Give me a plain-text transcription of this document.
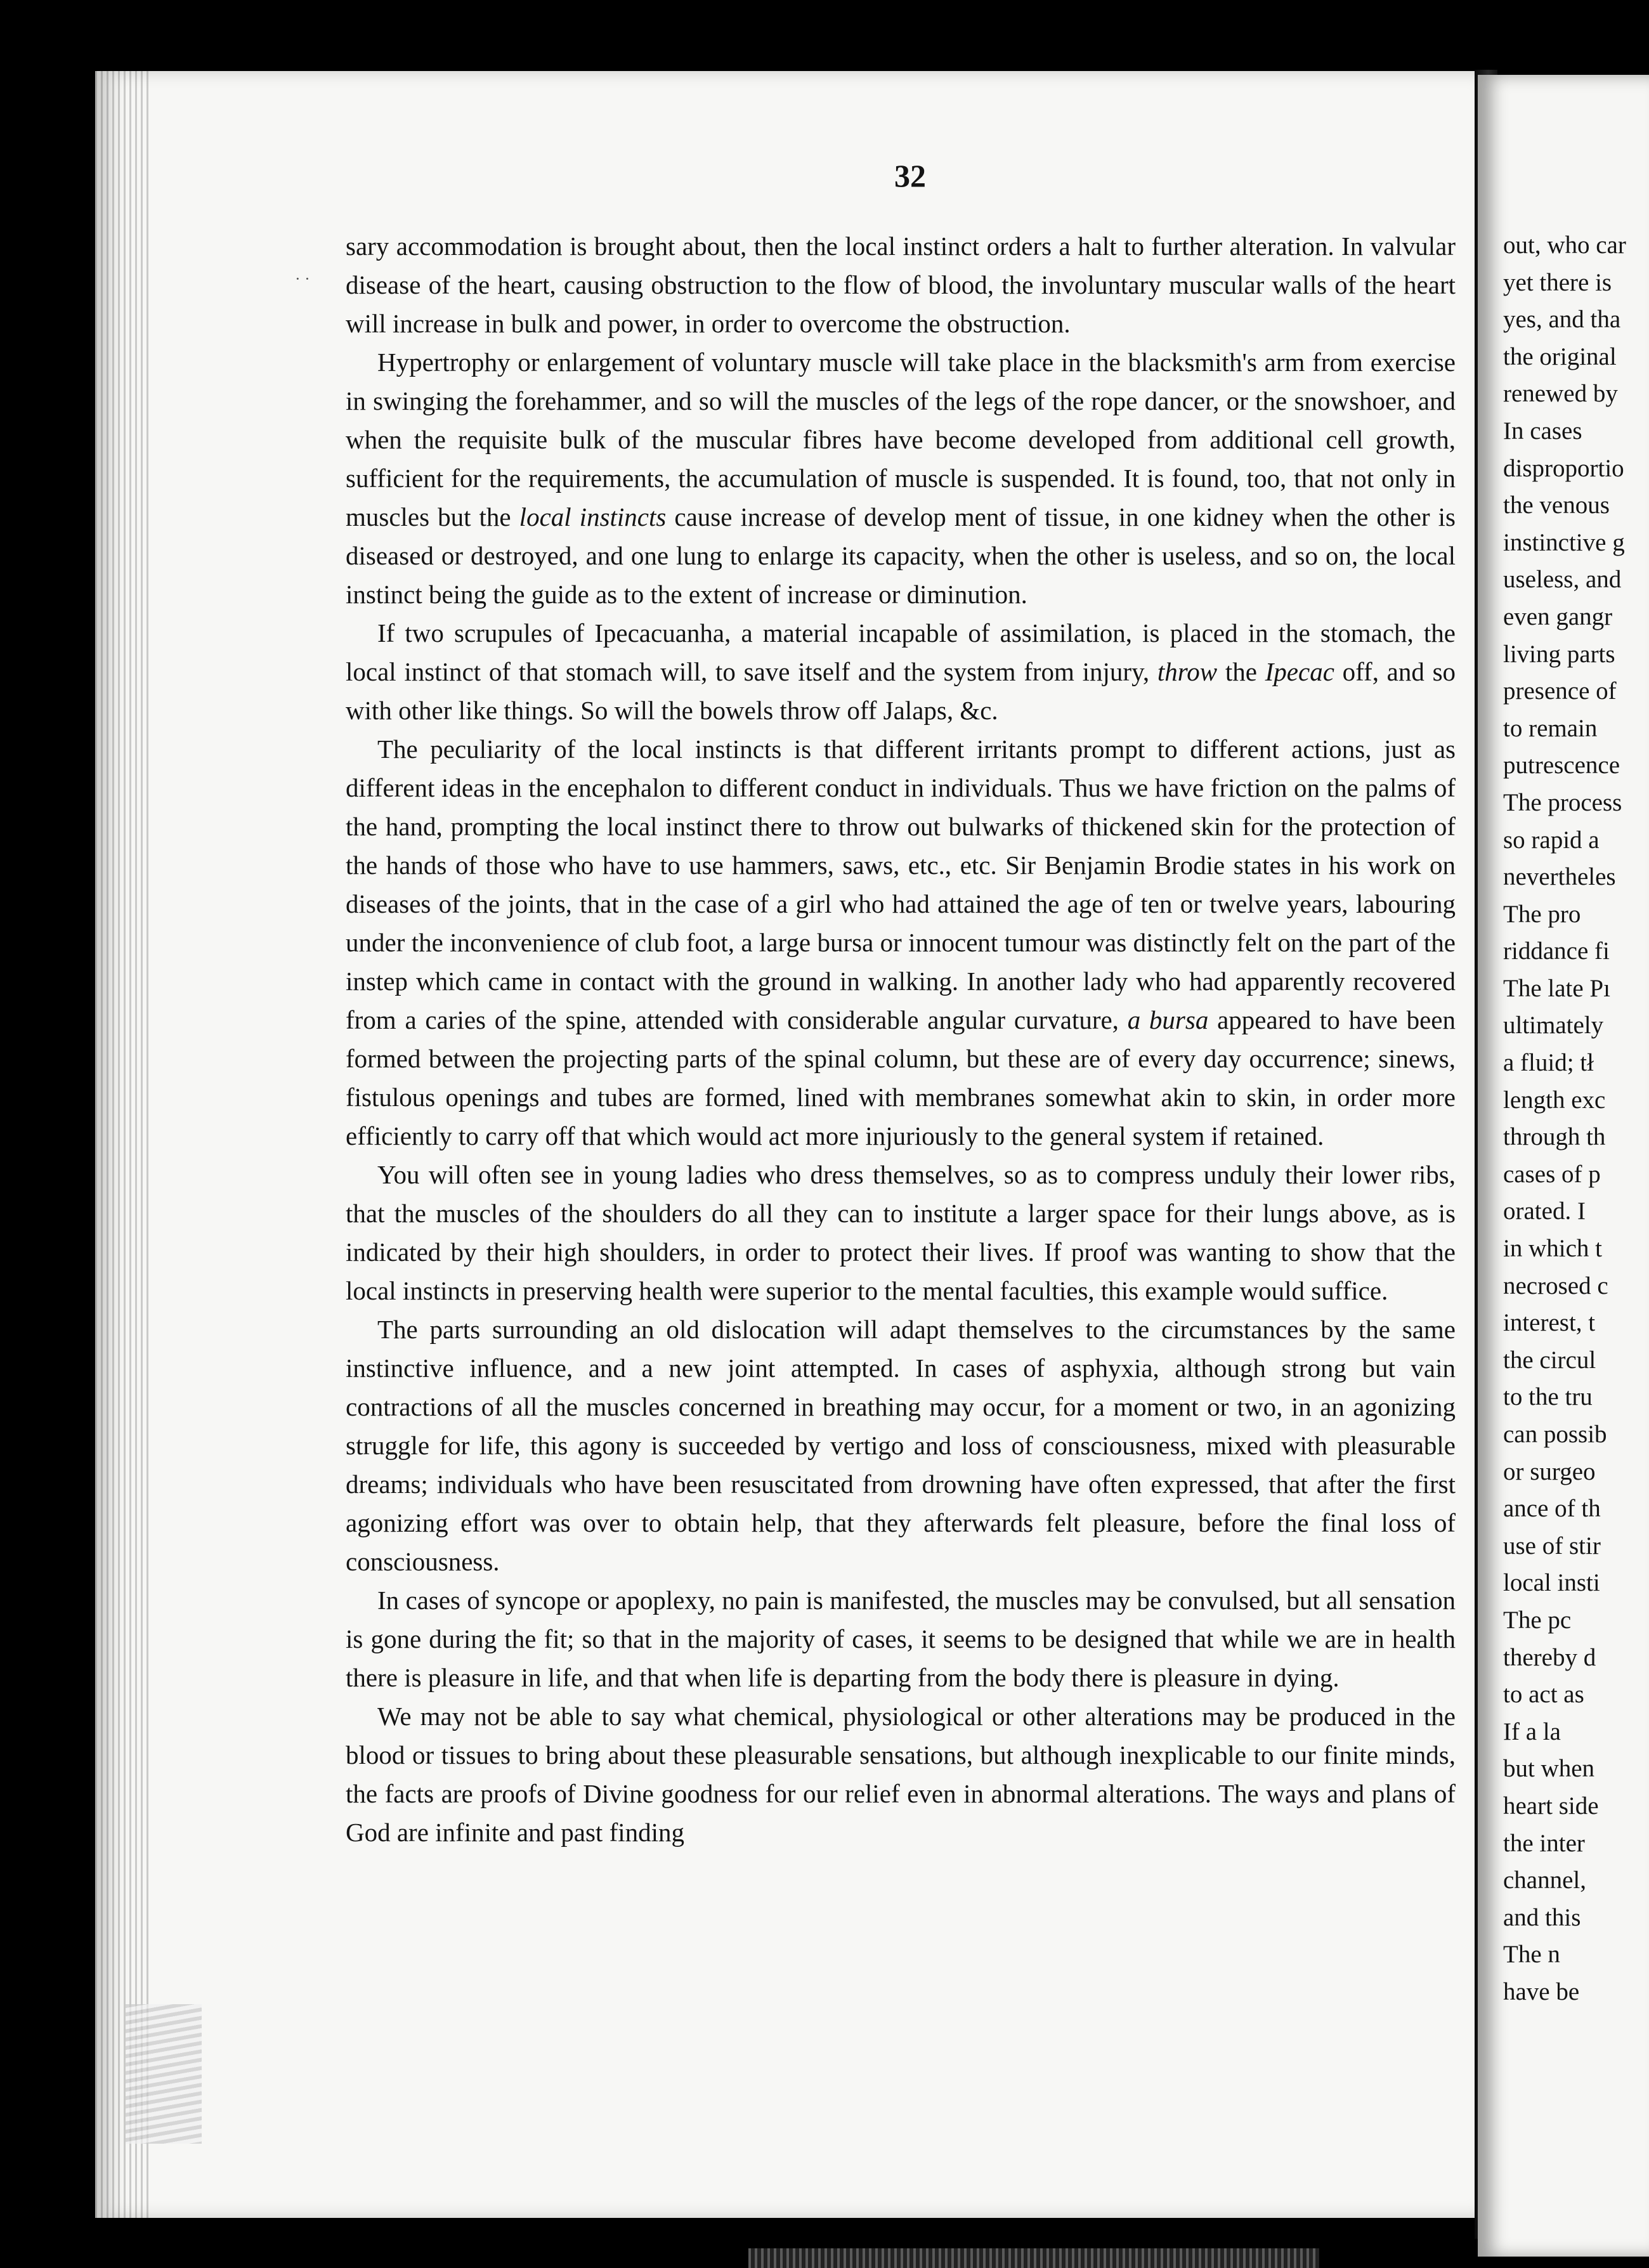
32
· ·

sary accommodation is brought about, then the local instinct orders a halt to further alteration. In valvular disease of the heart, causing obstruction to the flow of blood, the involuntary muscular walls of the heart will increase in bulk and power, in order to overcome the obstruction.

Hypertrophy or enlargement of voluntary muscle will take place in the blacksmith's arm from exercise in swinging the forehammer, and so will the muscles of the legs of the rope dancer, or the snowshoer, and when the requisite bulk of the muscular fibres have become developed from additional cell growth, sufficient for the requirements, the accumulation of muscle is suspended. It is found, too, that not only in muscles but the local instincts cause increase of develop ment of tissue, in one kidney when the other is diseased or destroyed, and one lung to enlarge its capacity, when the other is useless, and so on, the local instinct being the guide as to the extent of increase or diminution.

If two scrupules of Ipecacuanha, a material incapable of assimilation, is placed in the stomach, the local instinct of that stomach will, to save itself and the system from injury, throw the Ipecac off, and so with other like things. So will the bowels throw off Jalaps, &c.

The peculiarity of the local instincts is that different irritants prompt to different actions, just as different ideas in the encephalon to different conduct in individuals. Thus we have friction on the palms of the hand, prompting the local instinct there to throw out bulwarks of thickened skin for the protection of the hands of those who have to use hammers, saws, etc., etc. Sir Benjamin Brodie states in his work on diseases of the joints, that in the case of a girl who had attained the age of ten or twelve years, labouring under the inconvenience of club foot, a large bursa or innocent tumour was distinctly felt on the part of the instep which came in contact with the ground in walking. In another lady who had apparently recovered from a caries of the spine, attended with considerable angular curvature, a bursa appeared to have been formed between the projecting parts of the spinal column, but these are of every day occurrence; sinews, fistulous openings and tubes are formed, lined with membranes somewhat akin to skin, in order more efficiently to carry off that which would act more injuriously to the general system if retained.

You will often see in young ladies who dress themselves, so as to compress unduly their lower ribs, that the muscles of the shoulders do all they can to institute a larger space for their lungs above, as is indicated by their high shoulders, in order to protect their lives. If proof was wanting to show that the local instincts in preserving health were superior to the mental faculties, this example would suffice.

The parts surrounding an old dislocation will adapt themselves to the circumstances by the same instinctive influence, and a new joint attempted. In cases of asphyxia, although strong but vain contractions of all the muscles concerned in breathing may occur, for a moment or two, in an agonizing struggle for life, this agony is succeeded by vertigo and loss of consciousness, mixed with pleasurable dreams; individuals who have been resuscitated from drowning have often expressed, that after the first agonizing effort was over to obtain help, that they afterwards felt pleasure, before the final loss of consciousness.

In cases of syncope or apoplexy, no pain is manifested, the muscles may be convulsed, but all sensation is gone during the fit; so that in the majority of cases, it seems to be designed that while we are in health there is pleasure in life, and that when life is departing from the body there is pleasure in dying.

We may not be able to say what chemical, physiological or other alterations may be produced in the blood or tissues to bring about these pleasurable sensations, but although inexplicable to our finite minds, the facts are proofs of Divine goodness for our relief even in abnormal alterations. The ways and plans of God are infinite and past finding

out, who car
yet there is
yes, and tha
the original
renewed by
In cases
disproportio
the venous
instinctive g
useless, and
even gangr
living parts
presence of
to remain
putrescence
The process
so rapid a
nevertheles
The pro
riddance fi
The late Pı
ultimately
a fluid; tł
length exc
through th
cases of p
orated. I
in which t
necrosed c
interest, t
the circul
to the tru
can possib
or surgeo
ance of th
use of stir
local insti
The pc
thereby d
to act as
If a la
but when
heart side
the inter
channel,
and this
The n
have be
